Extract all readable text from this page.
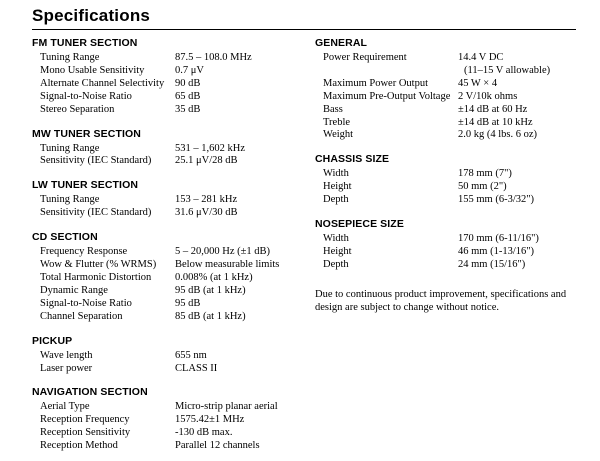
Specifications
FM TUNER SECTION
Tuning Range	87.5 – 108.0 MHz
Mono Usable Sensitivity	0.7 μV
Alternate Channel Selectivity	90 dB
Signal-to-Noise Ratio	65 dB
Stereo Separation	35 dB
MW TUNER SECTION
Tuning Range	531 – 1,602 kHz
Sensitivity (IEC Standard)	25.1 μV/28 dB
LW TUNER SECTION
Tuning Range	153 – 281 kHz
Sensitivity (IEC Standard)	31.6 μV/30 dB
CD SECTION
Frequency Response	5 – 20,000 Hz (±1 dB)
Wow & Flutter (% WRMS)	Below measurable limits
Total Harmonic Distortion	0.008% (at 1 kHz)
Dynamic Range	95 dB (at 1 kHz)
Signal-to-Noise Ratio	95 dB
Channel Separation	85 dB (at 1 kHz)
PICKUP
Wave length	655 nm
Laser power	CLASS II
NAVIGATION SECTION
Aerial Type	Micro-strip planar aerial
Reception Frequency	1575.42±1 MHz
Reception Sensitivity	-130 dB max.
Reception Method	Parallel 12 channels
GENERAL
Power Requirement	14.4 V DC
(11–15 V allowable)
Maximum Power Output	45 W × 4
Maximum Pre-Output Voltage 2 V/10k ohms
Bass	±14 dB at 60 Hz
Treble	±14 dB at 10 kHz
Weight	2.0 kg (4 lbs. 6 oz)
CHASSIS SIZE
Width	178 mm (7")
Height	50 mm (2")
Depth	155 mm (6-3/32")
NOSEPIECE SIZE
Width	170 mm (6-11/16")
Height	46 mm (1-13/16")
Depth	24 mm (15/16")

Due to continuous product improvement, specifications and design are subject to change without notice.
